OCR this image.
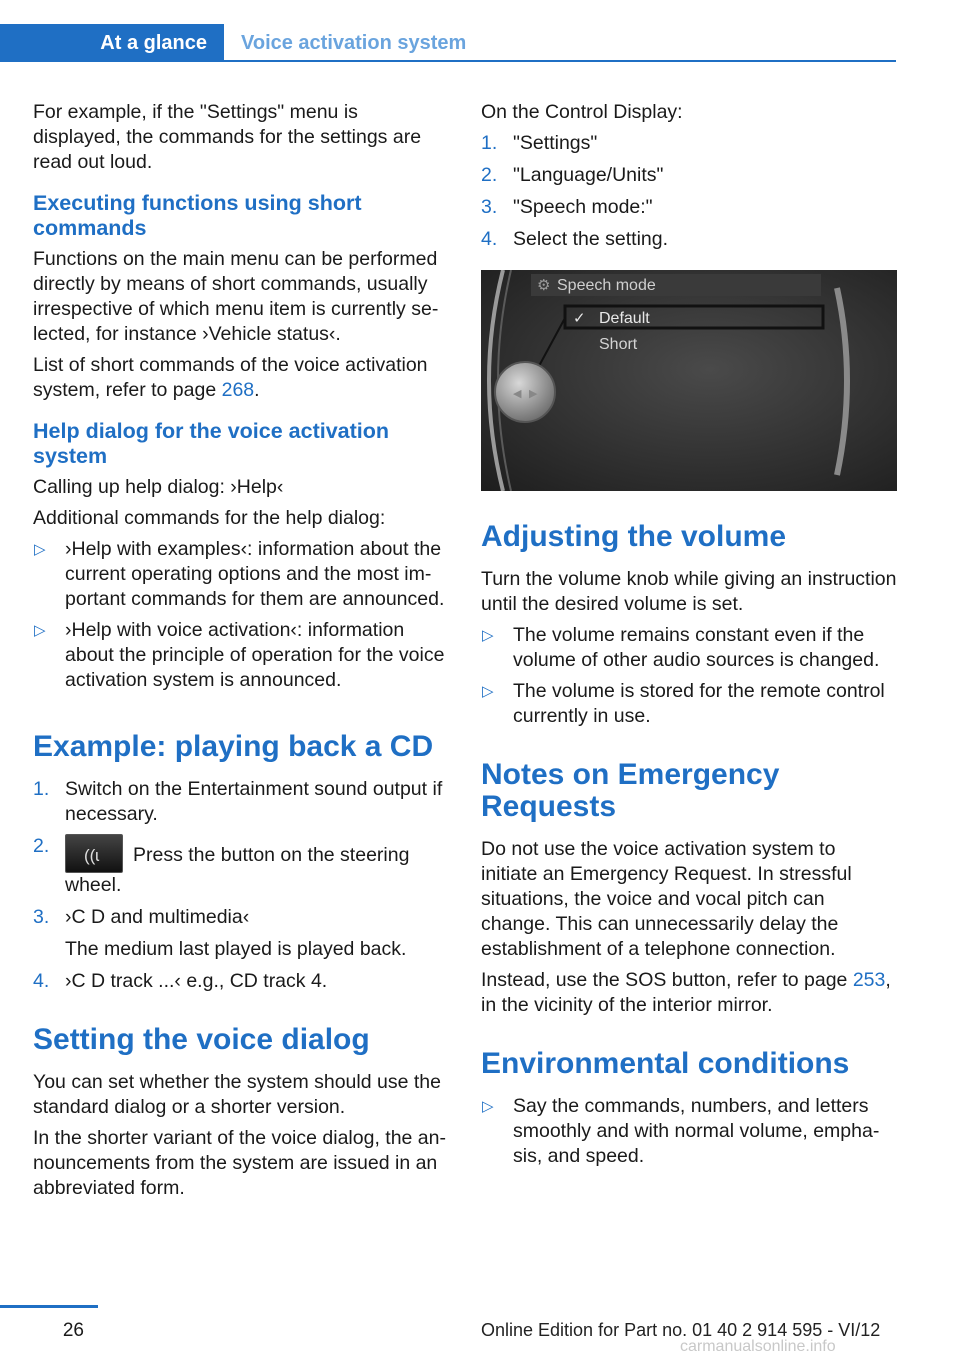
At a glance	Voice activation system

For example, if the "Settings" menu is displayed, the commands for the settings are read out loud.

Executing functions using short commands

Functions on the main menu can be performed directly by means of short commands, usually irrespective of which menu item is currently selected, for instance ›Vehicle status‹.

List of short commands of the voice activation system, refer to page 268.

Help dialog for the voice activation system

Calling up help dialog: ›Help‹

Additional commands for the help dialog:

▷ ›Help with examples‹: information about the current operating options and the most important commands for them are announced.
▷ ›Help with voice activation‹: information about the principle of operation for the voice activation system is announced.
Example: playing back a CD
1. Switch on the Entertainment sound output if necessary.
2. ((ɩ Press the button on the steering wheel.
3. ›C D and multimedia‹
The medium last played is played back.
4. ›C D track ...‹ e.g., CD track 4.
Setting the voice dialog

You can set whether the system should use the standard dialog or a shorter version.

In the shorter variant of the voice dialog, the announcements from the system are issued in an abbreviated form.

On the Control Display:

1. "Settings"
2. "Language/Units"
3. "Speech mode:"
4. Select the setting.
⚙ Speech mode
✓ Default
Short
◀ ▶
Adjusting the volume

Turn the volume knob while giving an instruction until the desired volume is set.

▷ The volume remains constant even if the volume of other audio sources is changed.
▷ The volume is stored for the remote control currently in use.
Notes on Emergency Requests

Do not use the voice activation system to initiate an Emergency Request. In stressful situations, the voice and vocal pitch can change. This can unnecessarily delay the establishment of a telephone connection.

Instead, use the SOS button, refer to page 253, in the vicinity of the interior mirror.

Environmental conditions
▷ Say the commands, numbers, and letters smoothly and with normal volume, emphasis, and speed.
26	Online Edition for Part no. 01 40 2 914 595 - VI/12
carmanualsonline.info
